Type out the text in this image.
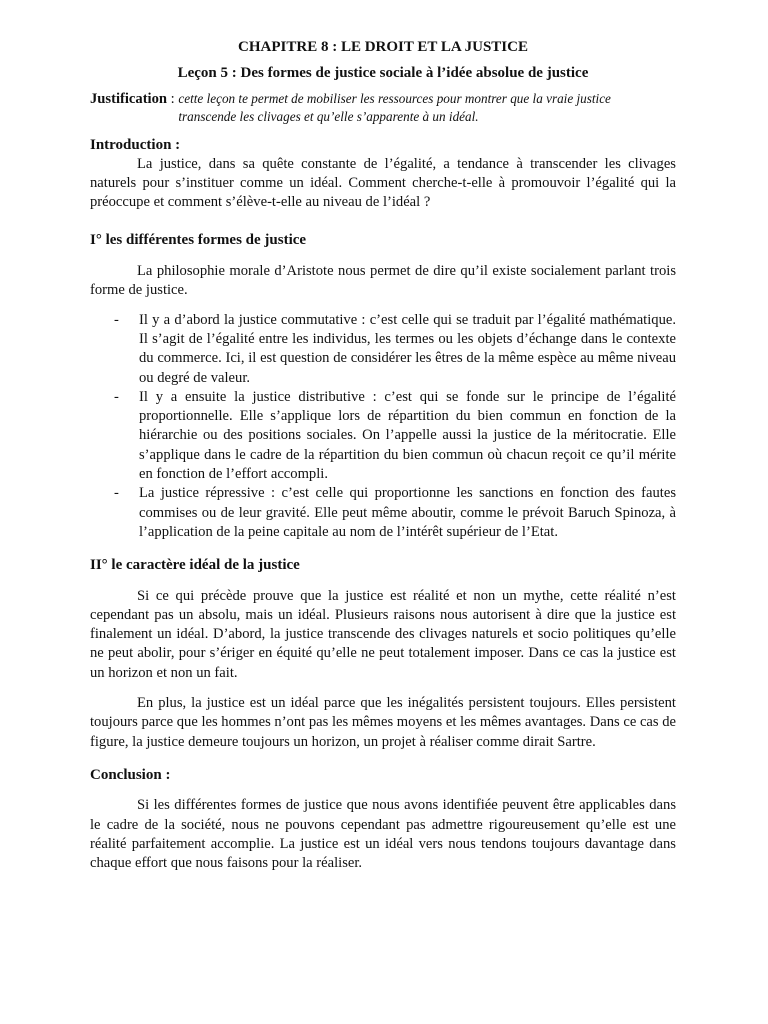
CHAPITRE 8 : LE DROIT ET LA JUSTICE
Leçon 5 : Des formes de justice sociale à l’idée absolue de justice
Justification : cette leçon te permet de mobiliser les ressources pour montrer que la vraie justice
transcende les clivages et qu’elle s’apparente à un idéal.
Introduction :

La justice, dans sa quête constante de l’égalité, a tendance à transcender les clivages naturels pour s’instituer comme un idéal. Comment cherche-t-elle à promouvoir l’égalité qui la préoccupe et comment s’élève-t-elle au niveau de l’idéal ?

I° les différentes formes de justice

La philosophie morale d’Aristote nous permet de dire qu’il existe socialement parlant trois forme de justice.

- Il y a d’abord la justice commutative : c’est celle qui se traduit par l’égalité mathématique. Il s’agit de l’égalité entre les individus, les termes ou les objets d’échange dans le contexte du commerce. Ici, il est question de considérer les êtres de la même espèce au même niveau ou degré de valeur.
- Il y a ensuite la justice distributive : c’est qui se fonde sur le principe de l’égalité proportionnelle. Elle s’applique lors de répartition du bien commun en fonction de la hiérarchie ou des positions sociales. On l’appelle aussi la justice de la méritocratie. Elle s’applique dans le cadre de la répartition du bien commun où chacun reçoit ce qu’il mérite en fonction de l’effort accompli.
- La justice répressive : c’est celle qui proportionne les sanctions en fonction des fautes commises ou de leur gravité. Elle peut même aboutir, comme le prévoit Baruch Spinoza, à l’application de la peine capitale au nom de l’intérêt supérieur de l’Etat.
II° le caractère idéal de la justice

Si ce qui précède prouve que la justice est réalité et non un mythe, cette réalité n’est cependant pas un absolu, mais un idéal. Plusieurs raisons nous autorisent à dire que la justice est finalement un idéal. D’abord, la justice transcende des clivages naturels et socio politiques qu’elle ne peut abolir, pour s’ériger en équité qu’elle ne peut totalement imposer. Dans ce cas la justice est un horizon et non un fait.

En plus, la justice est un idéal parce que les inégalités persistent toujours. Elles persistent toujours parce que les hommes n’ont pas les mêmes moyens et les mêmes avantages. Dans ce cas de figure, la justice demeure toujours un horizon, un projet à réaliser comme dirait Sartre.

Conclusion :

Si les différentes formes de justice que nous avons identifiée peuvent être applicables dans le cadre de la société, nous ne pouvons cependant pas admettre rigoureusement qu’elle est une réalité parfaitement accomplie. La justice est un idéal vers nous tendons toujours davantage dans chaque effort que nous faisons pour la réaliser.
